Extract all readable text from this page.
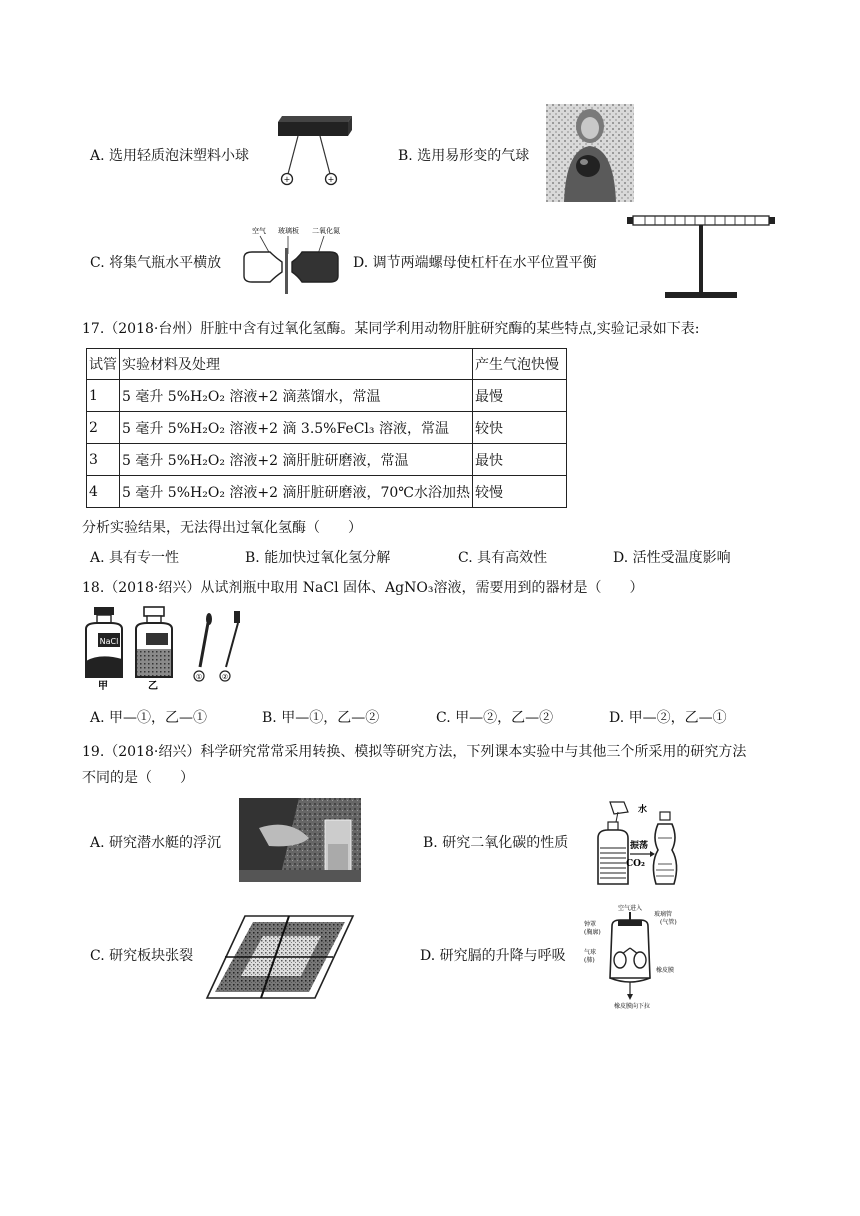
A. 选用轻质泡沫塑料小球
+	+
B. 选用易形变的气球
C. 将集气瓶水平横放
空气 玻璃板 二氧化氮
D. 调节两端螺母使杠杆在水平位置平衡
17.（2018·台州）肝脏中含有过氧化氢酶。某同学利用动物肝脏研究酶的某些特点,实验记录如下表:
试管	实验材料及处理	产生气泡快慢
1	5 毫升 5%H₂O₂ 溶液+2 滴蒸馏水，常温	最慢
2	5 毫升 5%H₂O₂ 溶液+2 滴 3.5%FeCl₃ 溶液，常温	较快
3	5 毫升 5%H₂O₂ 溶液+2 滴肝脏研磨液，常温	最快
4	5 毫升 5%H₂O₂ 溶液+2 滴肝脏研磨液，70℃水浴加热	较慢
分析实验结果，无法得出过氧化氢酶（　　）
A. 具有专一性	B. 能加快过氧化氢分解	C. 具有高效性	D. 活性受温度影响
18.（2018·绍兴）从试剂瓶中取用 NaCl 固体、AgNO₃溶液，需要用到的器材是（　　）
NaCl
甲	乙
①	②
A. 甲—①，乙—①	B. 甲—①，乙—②	C. 甲—②，乙—②	D. 甲—②，乙—①
19.（2018·绍兴）科学研究常常采用转换、模拟等研究方法，下列课本实验中与其他三个所采用的研究方法
不同的是（　　）
A. 研究潜水艇的浮沉	B. 研究二氧化碳的性质
水
振荡
CO₂
C. 研究板块张裂	D. 研究膈的升降与呼吸
空气进入
玻璃管
(气管)
钟罩
(胸廓)
气球
(肺)
橡皮膜
橡皮膜向下拉
